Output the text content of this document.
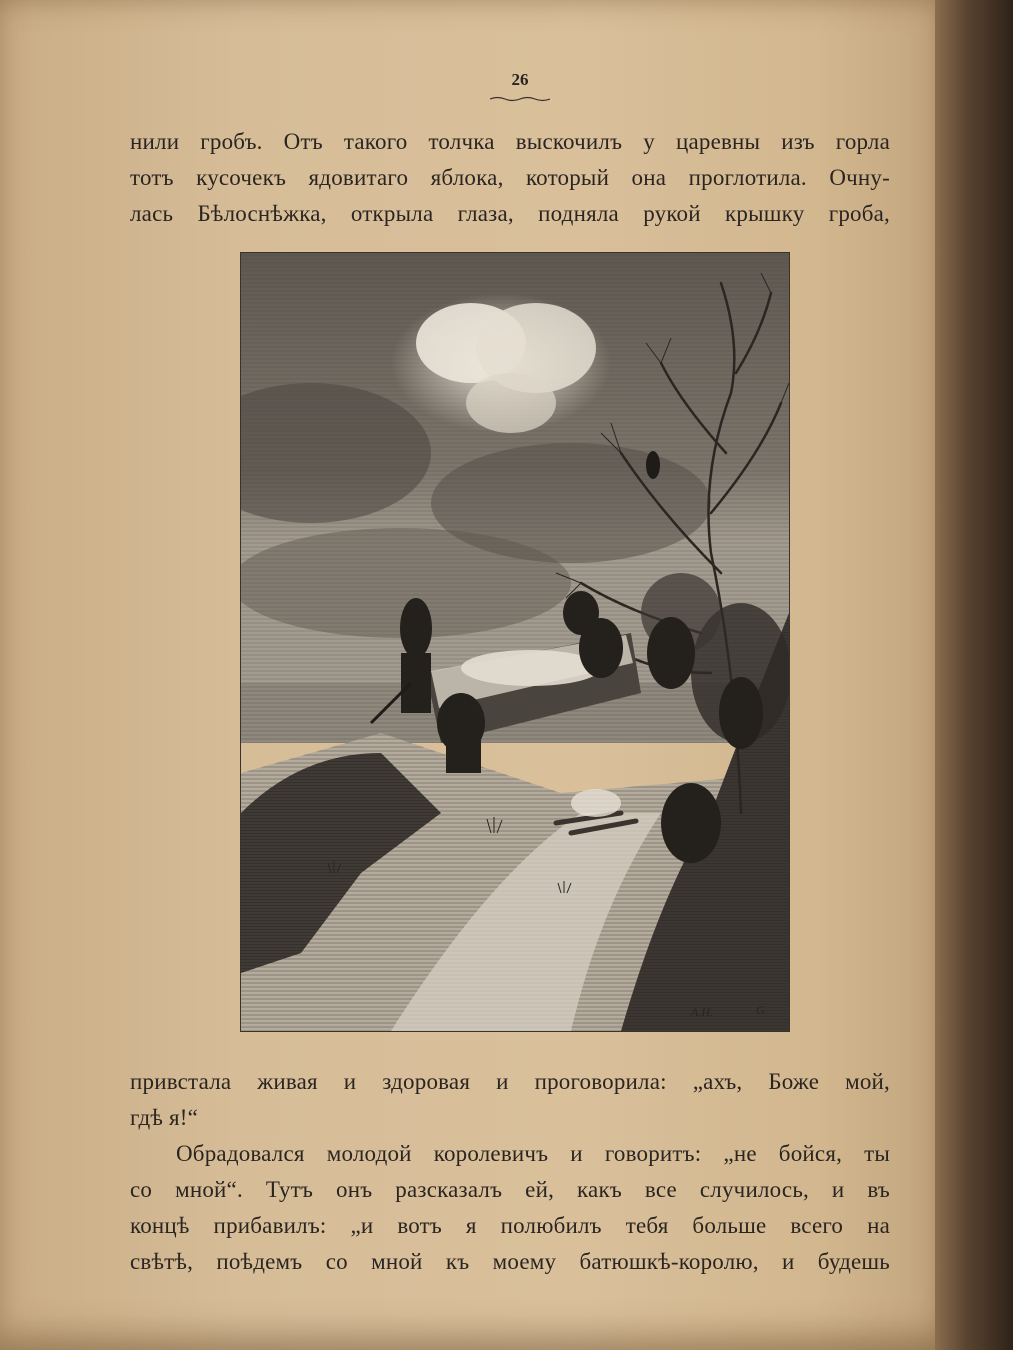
26
нили гробъ. Отъ такого толчка выскочилъ у царевны изъ горла
тотъ кусочекъ ядовитаго яблока, который она проглотила. Очну-
лась Бѣлоснѣжка, открыла глаза, подняла рукой крышку гроба,
A.H.	G

привстала живая и здоровая и проговорила: „ахъ, Боже мой,
гдѣ я!“

Обрадовался молодой королевичъ и говоритъ: „не бойся, ты
со мной“. Тутъ онъ разсказалъ ей, какъ все случилось, и въ
концѣ прибавилъ: „и вотъ я полюбилъ тебя больше всего на
свѣтѣ, поѣдемъ со мной къ моему батюшкѣ-королю, и будешь
